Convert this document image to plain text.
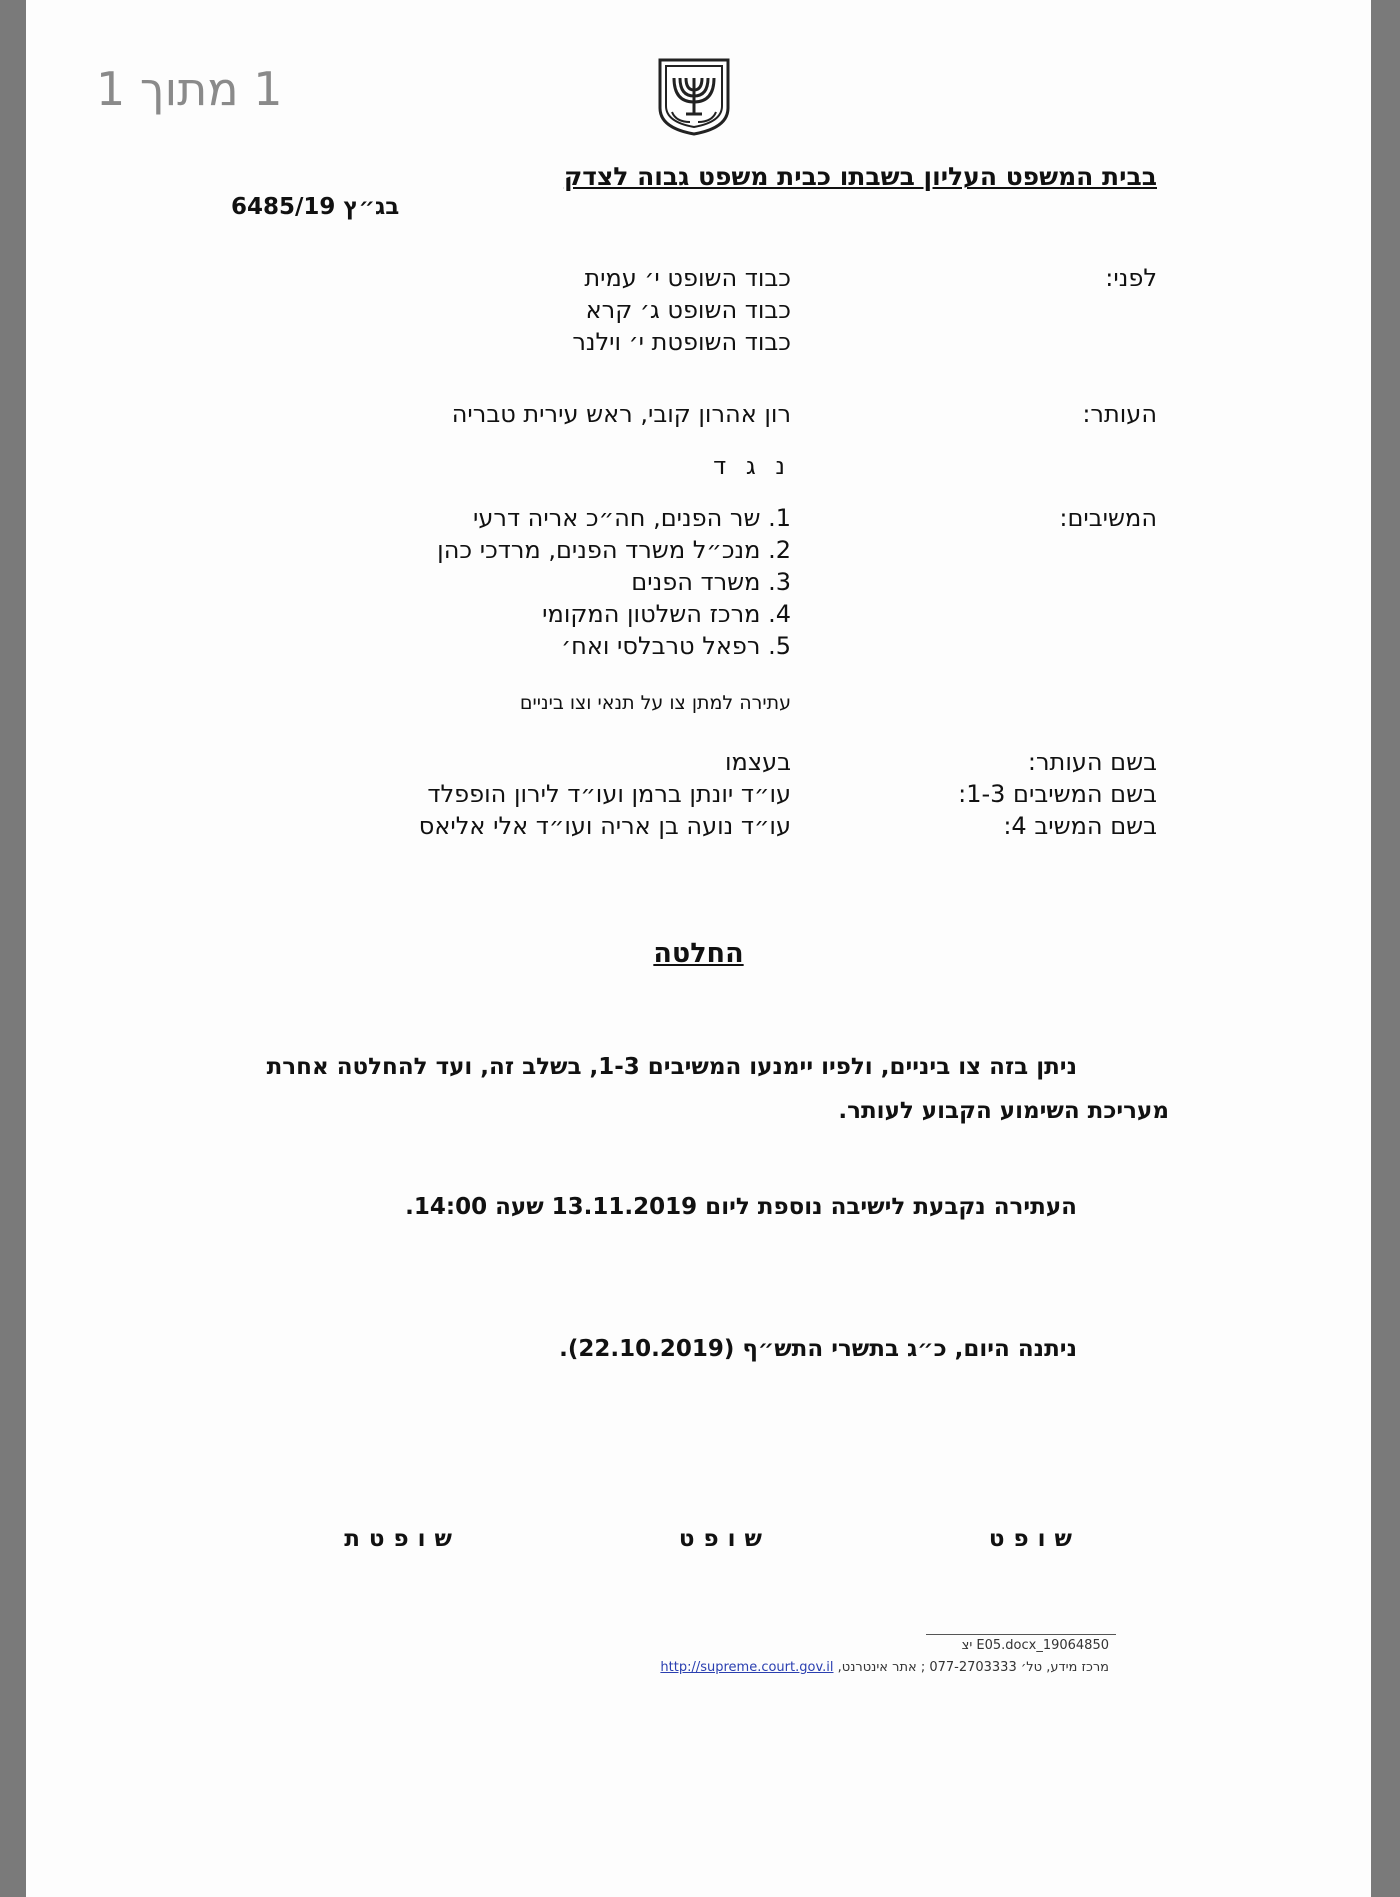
1 מתוך 1
בבית המשפט העליון בשבתו כבית משפט גבוה לצדק
בג״ץ 6485/19
לפני:
כבוד השופט י׳ עמית
כבוד השופט ג׳ קרא
כבוד השופטת י׳ וילנר
העותר:
רון אהרון קובי, ראש עירית טבריה
נ ג ד
המשיבים:
1. שר הפנים, חה״כ אריה דרעי
2. מנכ״ל משרד הפנים, מרדכי כהן
3. משרד הפנים
4. מרכז השלטון המקומי
5. רפאל טרבלסי ואח׳
עתירה למתן צו על תנאי וצו ביניים
בשם העותר:
בעצמו
בשם המשיבים 1-3:
עו״ד יונתן ברמן ועו״ד לירון הופפלד
בשם המשיב 4:
עו״ד נועה בן אריה ועו״ד אלי אליאס
החלטה
ניתן בזה צו ביניים, ולפיו יימנעו המשיבים 1-3, בשלב זה, ועד להחלטה אחרת
מעריכת השימוע הקבוע לעותר.
העתירה נקבעת לישיבה נוספת ליום 13.11.2019 שעה 14:00.
ניתנה היום, כ״ג בתשרי התש״ף (22.10.2019).
שופט
שופט
שופטת
19064850_E05.docx יצ
מרכז מידע, טל׳ 077-2703333 ; אתר אינטרנט, http://supreme.court.gov.il
